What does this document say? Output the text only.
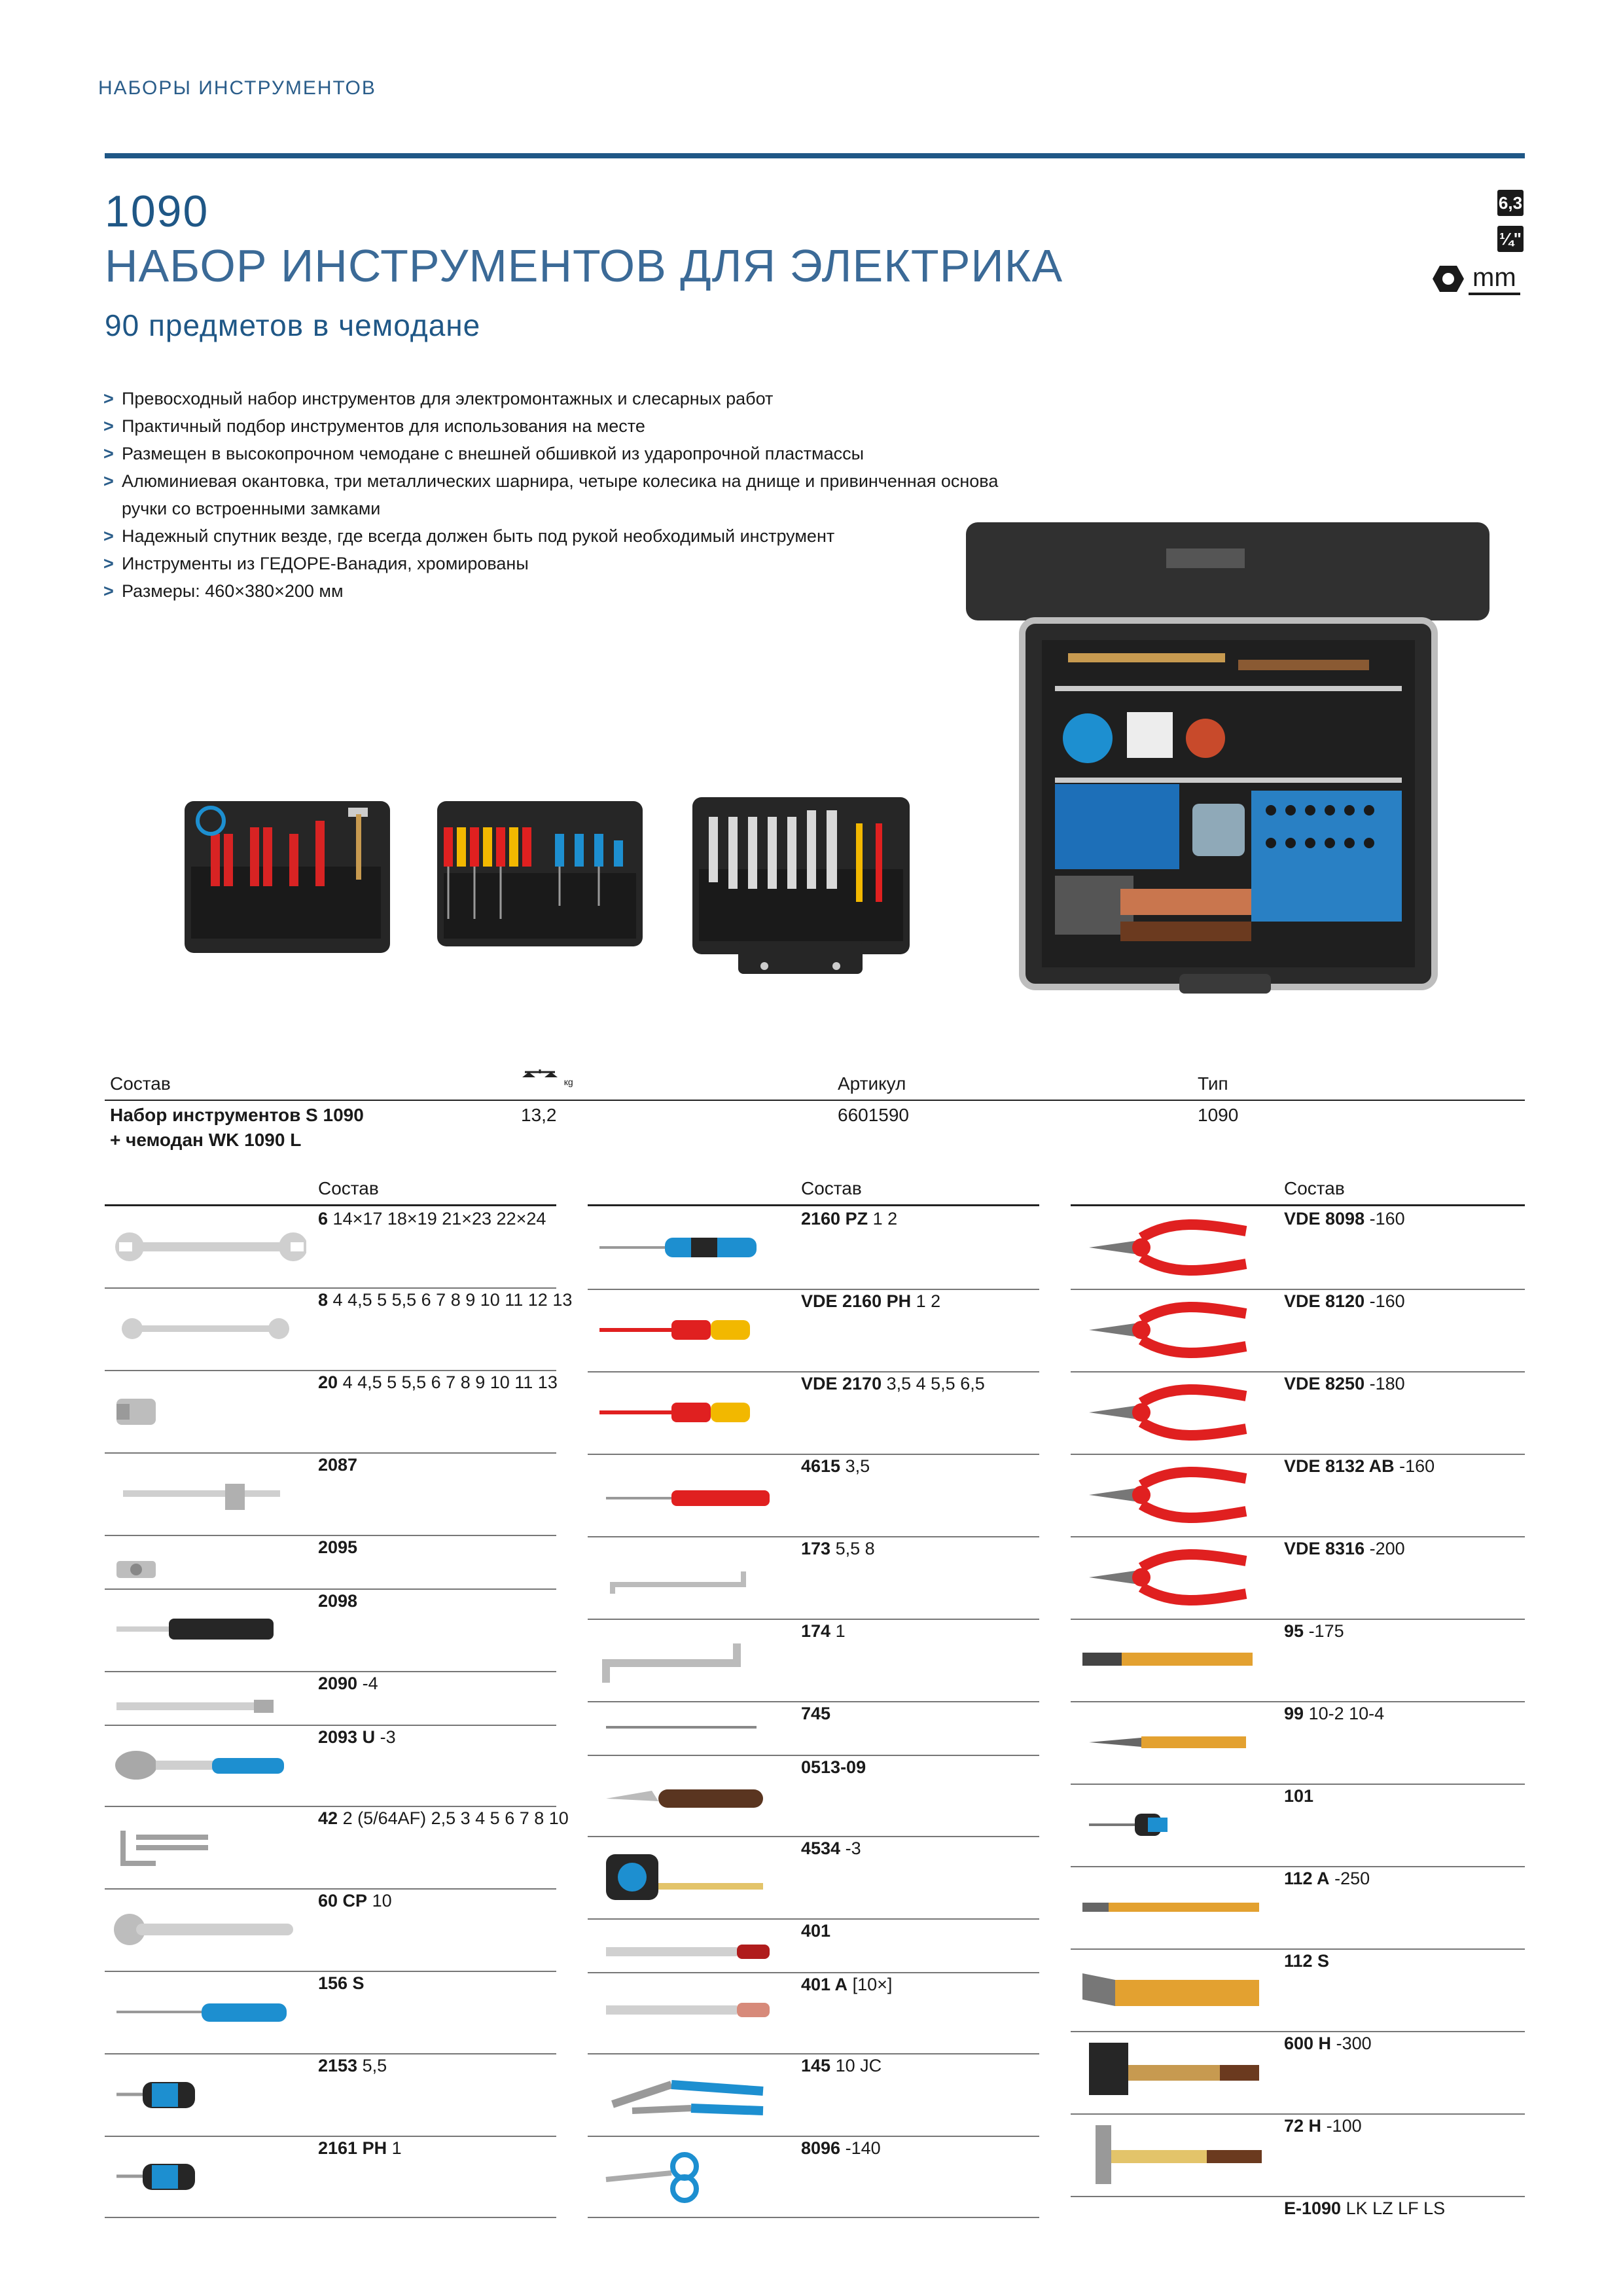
НАБОРЫ ИНСТРУМЕНТОВ
1090
НАБОР ИНСТРУМЕНТОВ ДЛЯ ЭЛЕКТРИКА
90 предметов в чемодане
6,3
¼"
mm
> Превосходный набор инструментов для электромонтажных и слесарных работ
> Практичный подбор инструментов для использования на месте
> Размещен в высокопрочном чемодане с внешней обшивкой из ударопрочной пластмассы
> Алюминиевая окантовка, три металлических шарнира, четыре колесика на днище и привинченная основа ручки со встроенными замками
> Надежный спутник везде, где всегда должен быть под рукой необходимый инструмент
> Инструменты из ГЕДОРЕ-Ванадия, хромированы
> Размеры: 460×380×200 мм
Состав	кg	Артикул	Тип
Набор инструментов S 1090
+ чемодан WK 1090 L
13,2	6601590	1090
Состав	Состав	Состав
6 14×17 18×19 21×23 22×24
8 4 4,5 5 5,5 6 7 8 9 10 11 12 13
20 4 4,5 5 5,5 6 7 8 9 10 11 13
2087
2095
2098
2090 -4
2093 U -3
42 2 (5/64AF) 2,5 3 4 5 6 7 8 10
60 CP 10
156 S
2153 5,5
2161 PH 1
2160 PZ 1 2
VDE 2160 PH 1 2
VDE 2170 3,5 4 5,5 6,5
4615 3,5
173 5,5 8
174 1
745
0513-09
4534 -3
401
401 A [10×]
145 10 JC
8096 -140
VDE 8098 -160
VDE 8120 -160
VDE 8250 -180
VDE 8132 AB -160
VDE 8316 -200
95 -175
99 10-2 10-4
101
112 A -250
112 S
600 H -300
72 H -100
E-1090 LK LZ LF LS
